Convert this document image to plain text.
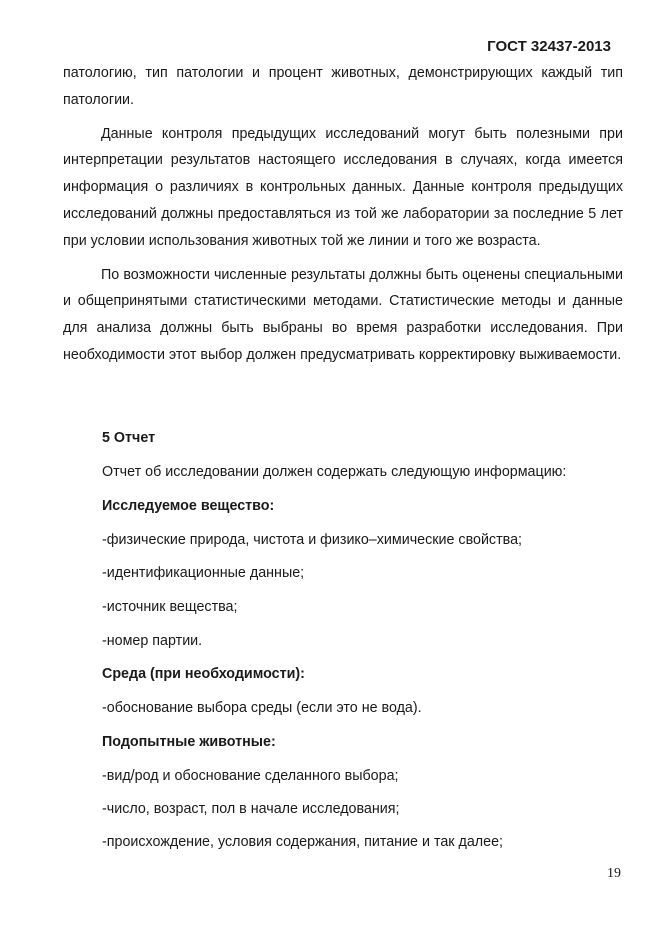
ГОСТ 32437-2013

патологию, тип патологии и процент животных, демонстрирующих каждый тип патологии.

Данные контроля предыдущих исследований могут быть полезными при интерпретации результатов настоящего исследования в случаях, когда имеется информация о различиях в контрольных данных. Данные контроля предыдущих исследований должны предоставляться из той же лаборатории за последние 5 лет при условии использования животных той же линии и того же возраста.

По возможности численные результаты должны быть оценены специальными и общепринятыми статистическими методами. Статистические методы и данные для анализа должны быть выбраны во время разработки исследования. При необходимости этот выбор должен предусматривать корректировку выживаемости.

5 Отчет
Отчет об исследовании должен содержать следующую информацию:
Исследуемое вещество:
-физические природа, чистота и физико–химические свойства;
-идентификационные данные;
-источник вещества;
-номер партии.
Среда (при необходимости):
-обоснование выбора среды (если это не вода).
Подопытные животные:
-вид/род и обоснование сделанного выбора;
-число, возраст, пол в начале исследования;
-происхождение, условия содержания, питание и так далее;
19
